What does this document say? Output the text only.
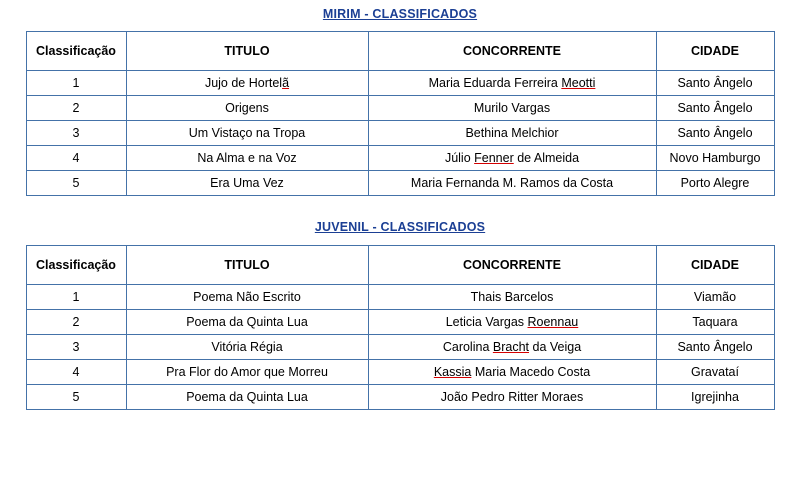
MIRIM - CLASSIFICADOS
Classificação	TITULO	CONCORRENTE	CIDADE
1	Jujo de Hortelã	Maria Eduarda Ferreira Meotti	Santo Ângelo
2	Origens	Murilo Vargas	Santo Ângelo
3	Um Vistaço na Tropa	Bethina Melchior	Santo Ângelo
4	Na Alma e na Voz	Júlio Fenner de Almeida	Novo Hamburgo
5	Era Uma Vez	Maria Fernanda M. Ramos da Costa	Porto Alegre
JUVENIL - CLASSIFICADOS
Classificação	TITULO	CONCORRENTE	CIDADE
1	Poema Não Escrito	Thais Barcelos	Viamão
2	Poema da Quinta Lua	Leticia Vargas Roennau	Taquara
3	Vitória Régia	Carolina Bracht da Veiga	Santo Ângelo
4	Pra Flor do Amor que Morreu	Kassia Maria Macedo Costa	Gravataí
5	Poema da Quinta Lua	João Pedro Ritter Moraes	Igrejinha
